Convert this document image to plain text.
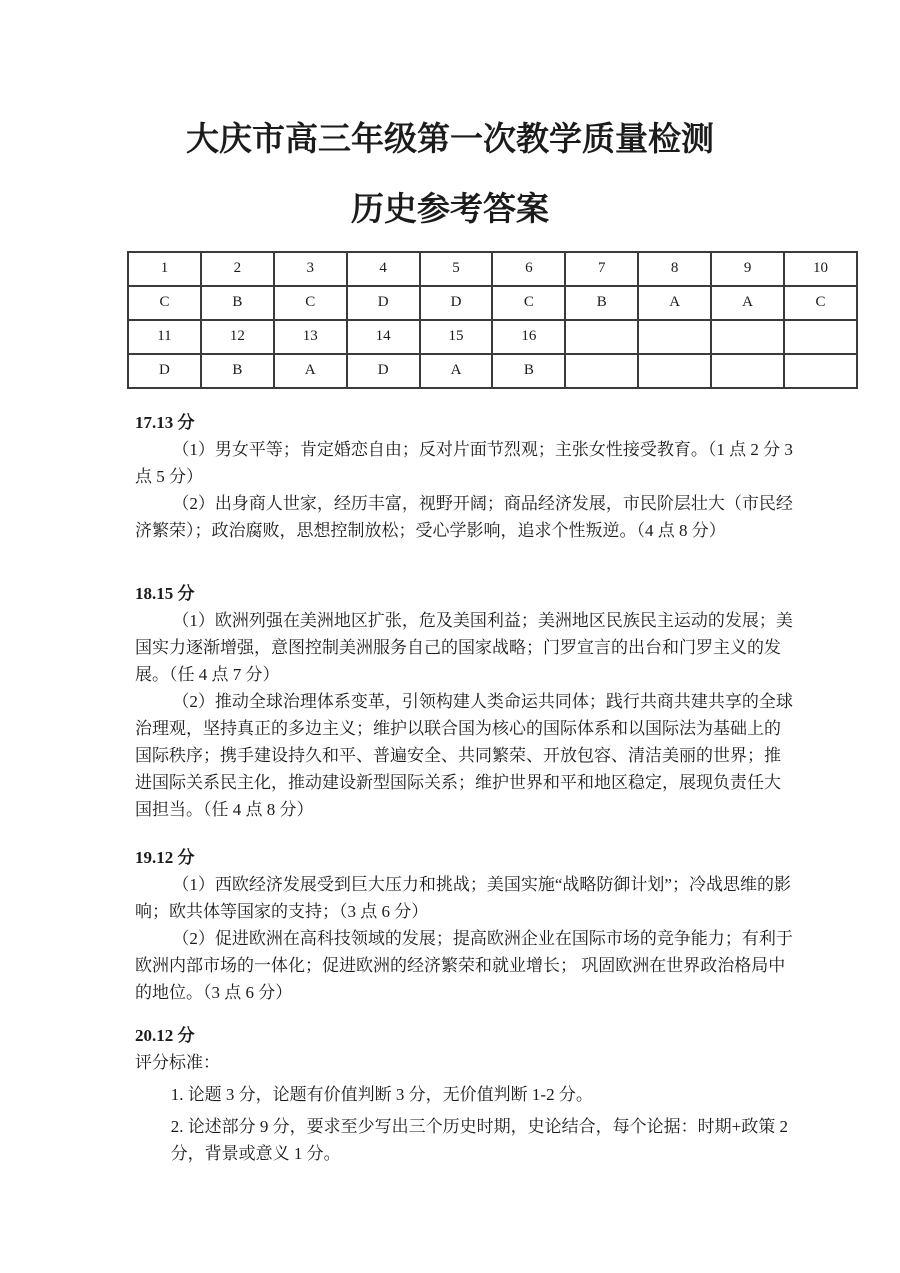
大庆市高三年级第一次教学质量检测
历史参考答案
1	2	3	4	5	6	7	8	9	10
C	B	C	D	D	C	B	A	A	C
11	12	13	14	15	16				
D	B	A	D	A	B				

17.13 分

（1）男女平等；肯定婚恋自由；反对片面节烈观；主张女性接受教育。（1 点 2 分 3 点 5 分）

（2）出身商人世家，经历丰富，视野开阔；商品经济发展，市民阶层壮大（市民经济繁荣）；政治腐败，思想控制放松；受心学影响，追求个性叛逆。（4 点 8 分）

18.15 分

（1）欧洲列强在美洲地区扩张，危及美国利益；美洲地区民族民主运动的发展；美国实力逐渐增强，意图控制美洲服务自己的国家战略；门罗宣言的出台和门罗主义的发展。（任 4 点 7 分）

（2）推动全球治理体系变革，引领构建人类命运共同体；践行共商共建共享的全球治理观，坚持真正的多边主义；维护以联合国为核心的国际体系和以国际法为基础上的国际秩序；携手建设持久和平、普遍安全、共同繁荣、开放包容、清洁美丽的世界；推进国际关系民主化，推动建设新型国际关系；维护世界和平和地区稳定，展现负责任大国担当。（任 4 点 8 分）

19.12 分

（1）西欧经济发展受到巨大压力和挑战；美国实施“战略防御计划”；冷战思维的影响；欧共体等国家的支持；（3 点 6 分）

（2）促进欧洲在高科技领域的发展；提高欧洲企业在国际市场的竞争能力；有利于欧洲内部市场的一体化；促进欧洲的经济繁荣和就业增长； 巩固欧洲在世界政治格局中的地位。（3 点 6 分）

20.12 分

评分标准：

1. 论题 3 分，论题有价值判断 3 分，无价值判断 1-2 分。

2. 论述部分 9 分，要求至少写出三个历史时期，史论结合，每个论据：时期+政策 2 分，背景或意义 1 分。
